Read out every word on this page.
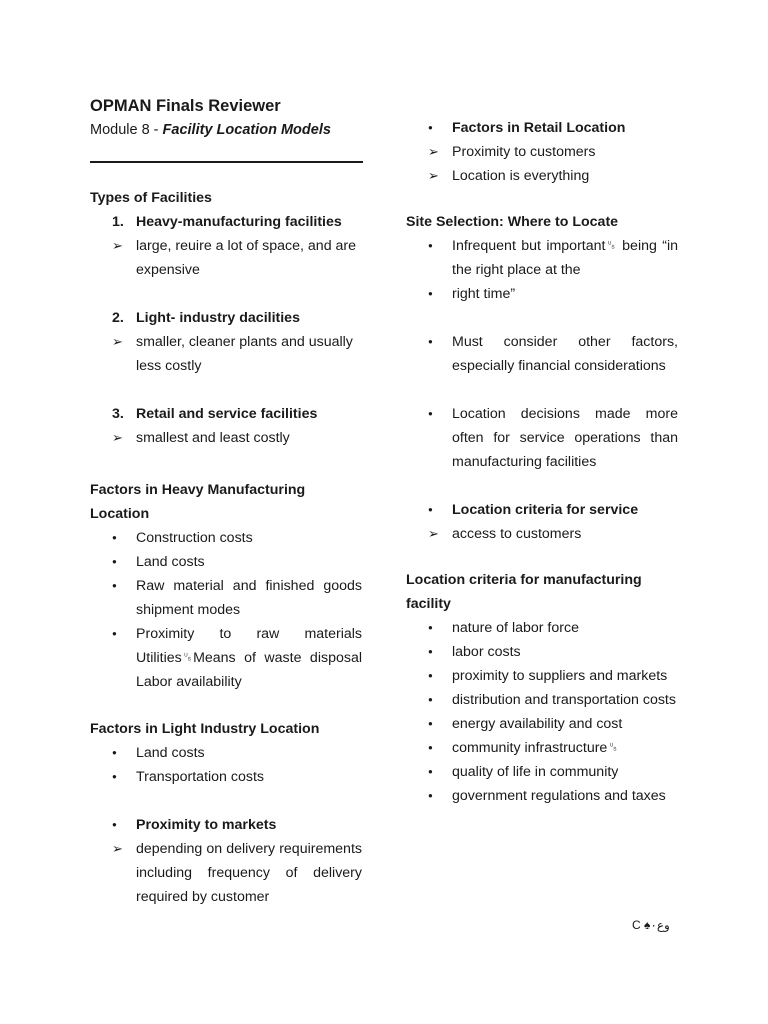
OPMAN Finals Reviewer
Module 8 - Facility Location Models
Types of Facilities
1. Heavy-manufacturing facilities
➢ large, reuire a lot of space, and are expensive
2. Light- industry dacilities
➢ smaller, cleaner plants and usually less costly
3. Retail and service facilities
➢ smallest and least costly
Factors in Heavy Manufacturing Location
●
Construction costs
●
Land costs
●
Raw material and finished goods shipment modes
●
Proximity to raw materials Utilities␟Means of waste disposal Labor availability
Factors in Light Industry Location
●
Land costs
●
Transportation costs
●
Proximity to markets
➢ depending on delivery requirements including frequency of delivery required by customer
●
Factors in Retail Location
➢ Proximity to customers
➢ Location is everything
Site Selection: Where to Locate
●
Infrequent but important␟ being “in the right place at the
●
right time”
●
Must consider other factors, especially financial considerations
●
Location decisions made more often for service operations than manufacturing facilities
●
Location criteria for service
➢ access to customers
Location criteria for manufacturing facility
●
nature of labor force
●
labor costs
●
proximity to suppliers and markets
●
distribution and transportation costs
●
energy availability and cost
●
community infrastructure␟
●
quality of life in community
●
government regulations and taxes
C ♠وع٠
